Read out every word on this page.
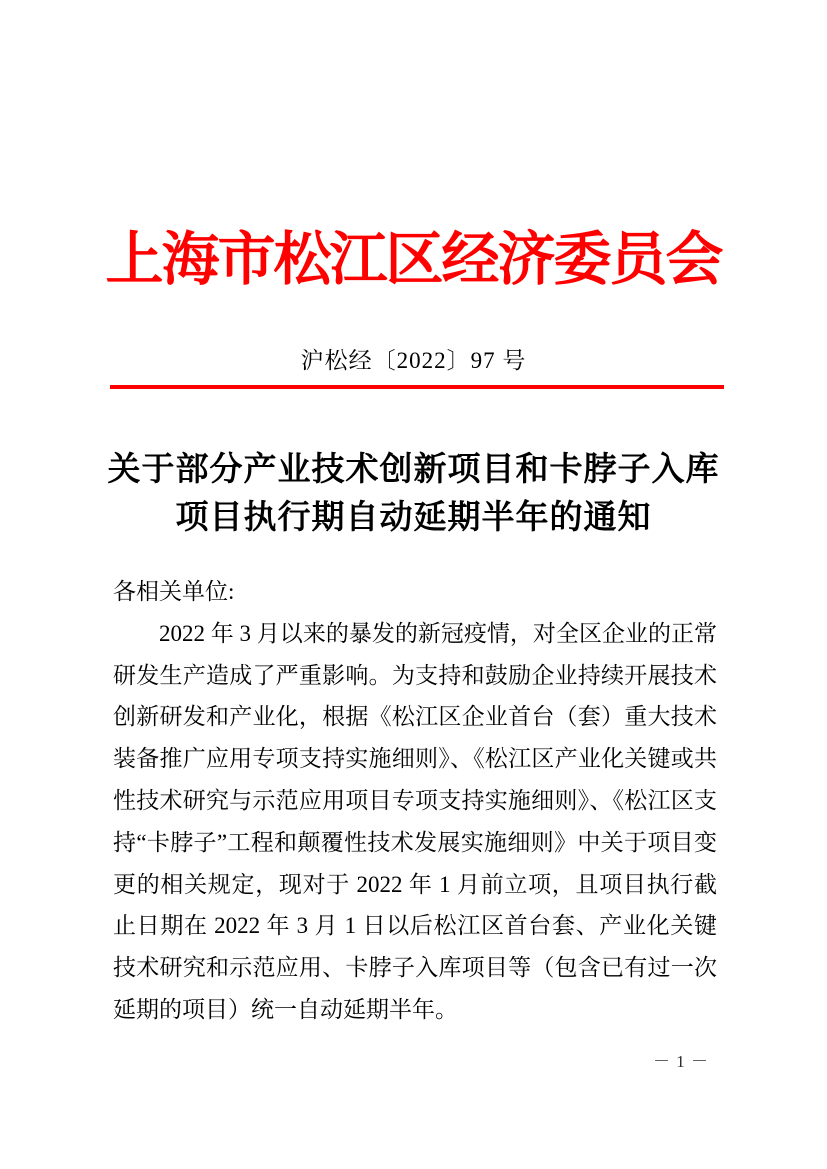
上海市松江区经济委员会
沪松经〔2022〕97 号
关于部分产业技术创新项目和卡脖子入库
项目执行期自动延期半年的通知

各相关单位:

2022 年 3 月以来的暴发的新冠疫情，对全区企业的正常研发生产造成了严重影响。为支持和鼓励企业持续开展技术创新研发和产业化，根据《松江区企业首台（套）重大技术装备推广应用专项支持实施细则》、《松江区产业化关键或共性技术研究与示范应用项目专项支持实施细则》、《松江区支持“卡脖子”工程和颠覆性技术发展实施细则》中关于项目变更的相关规定，现对于 2022 年 1 月前立项，且项目执行截止日期在 2022 年 3 月 1 日以后松江区首台套、产业化关键技术研究和示范应用、卡脖子入库项目等（包含已有过一次延期的项目）统一自动延期半年。

－ 1 －
